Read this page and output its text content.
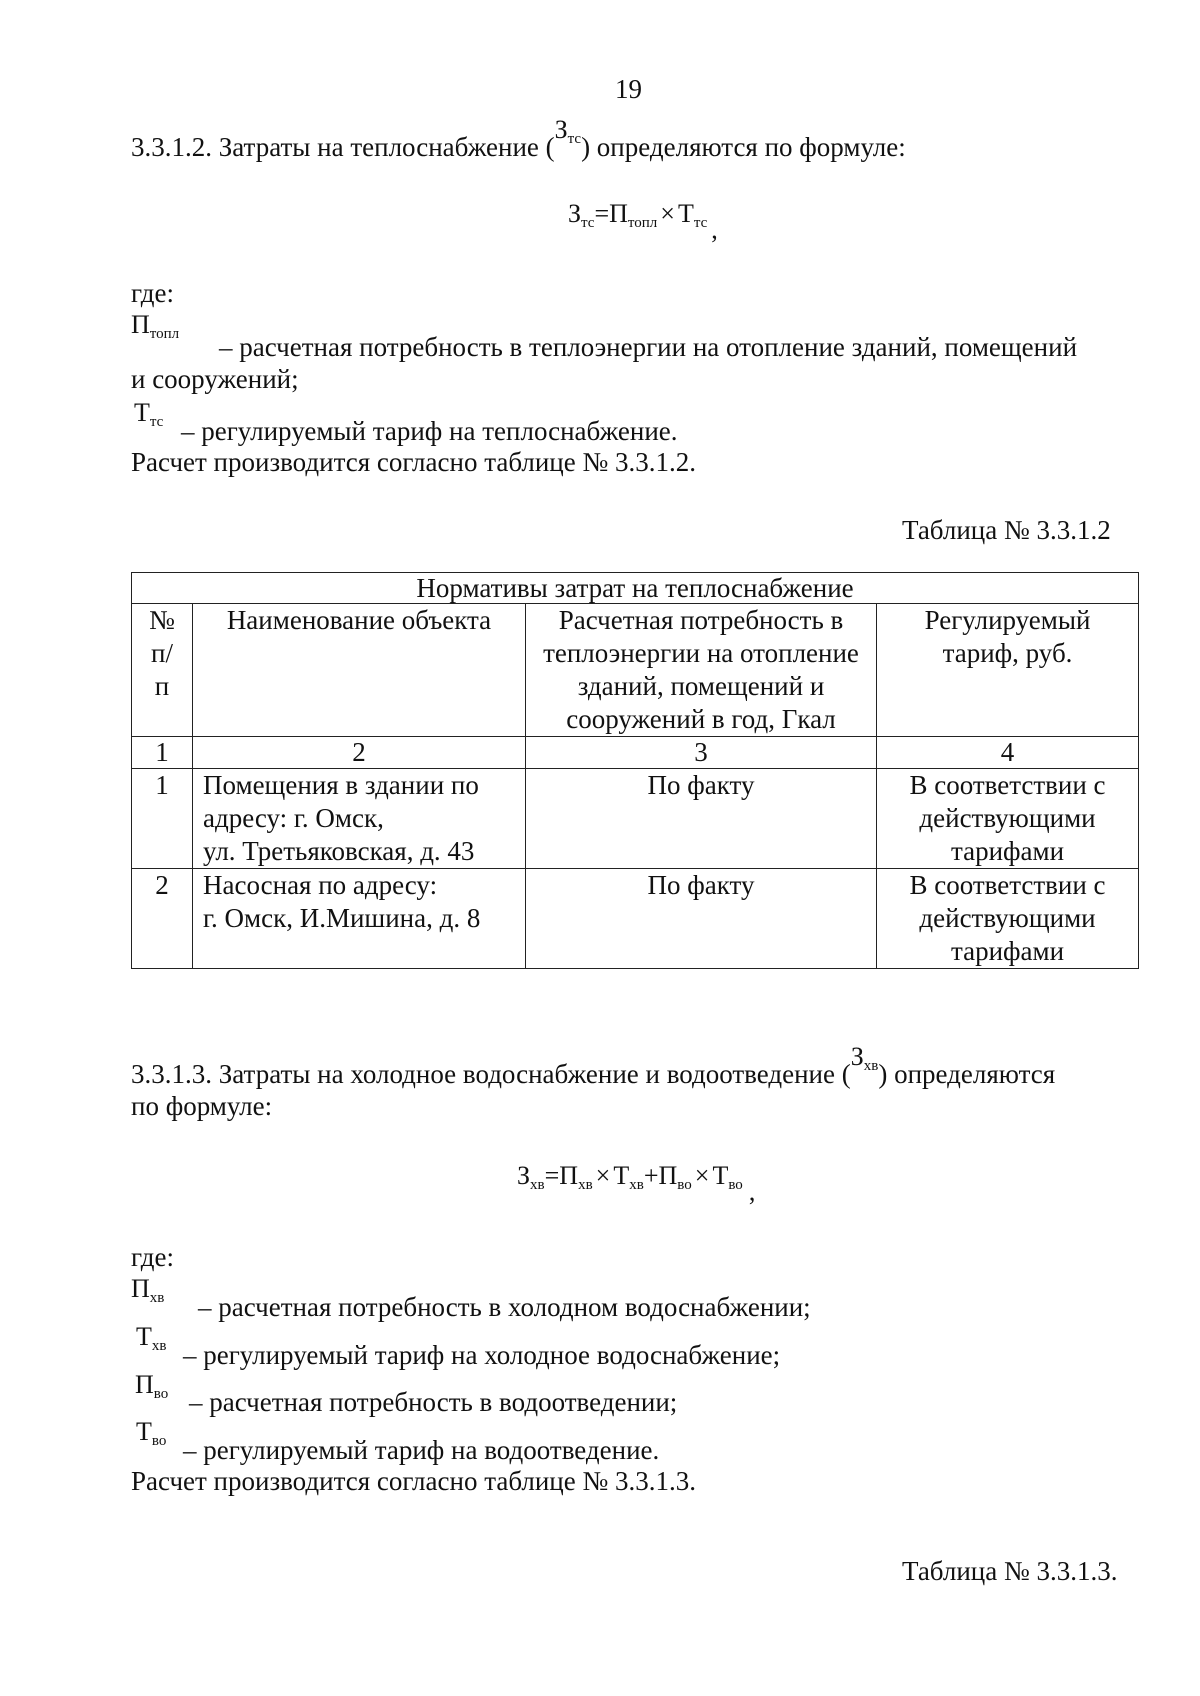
19
3.3.1.2. Затраты на теплоснабжение $(З_{тс})$ определяются по формуле:
$З_{тс}=П_{топл} \times Т_{тс}$ ,
где:
$П_{топл}$ – расчетная потребность в теплоэнергии на отопление зданий, помещений
и сооружений;
$Т_{тс}$ – регулируемый тариф на теплоснабжение.
Расчет производится согласно таблице № 3.3.1.2.
Таблица № 3.3.1.2
Нормативы затрат на теплоснабжение			
№ п/п	Наименование объекта	Расчетная потребность в теплоэнергии на отопление зданий, помещений и сооружений в год, Гкал	Регулируемый тариф, руб.
1	2	3	4
1	Помещения в здании по
адресу: г. Омск,
ул. Третьяковская, д. 43	По факту	В соответствии с действующими тарифами
2	Насосная по адресу:
г. Омск, И.Мишина, д. 8	По факту	В соответствии с действующими тарифами
3.3.1.3. Затраты на холодное водоснабжение и водоотведение $(З_{хв})$ определяются
по формуле:
$З_{хв}=П_{хв} \times Т_{хв}+П_{во} \times Т_{во}$ ,
где:
$П_{хв}$ – расчетная потребность в холодном водоснабжении;
$Т_{хв}$ – регулируемый тариф на холодное водоснабжение;
$П_{во}$ – расчетная потребность в водоотведении;
$Т_{во}$ – регулируемый тариф на водоотведение.
Расчет производится согласно таблице № 3.3.1.3.
Таблица № 3.3.1.3.
